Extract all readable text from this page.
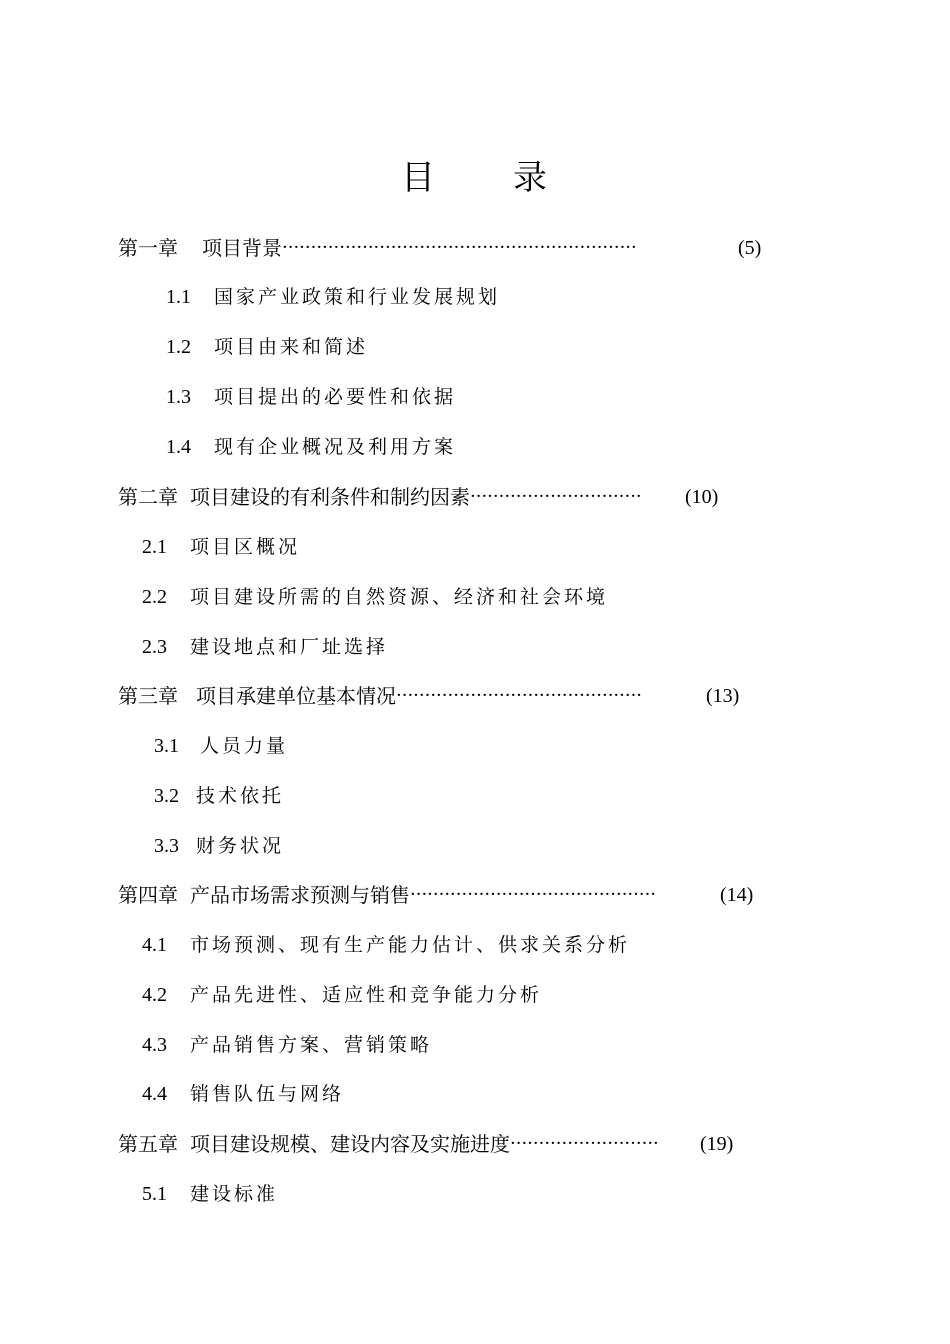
目 录
第一章 项目背景 ······························································	(5)
1.1 国家产业政策和行业发展规划
1.2 项目由来和简述
1.3 项目提出的必要性和依据
1.4 现有企业概况及利用方案
第二章 项目建设的有利条件和制约因素 ······························	(10)
2.1 项目区概况
2.2 项目建设所需的自然资源、经济和社会环境
2.3 建设地点和厂址选择
第三章 项目承建单位基本情况 ···········································	(13)
3.1 人员力量
3.2 技术依托
3.3 财务状况
第四章 产品市场需求预测与销售 ···········································	(14)
4.1 市场预测、现有生产能力估计、供求关系分析
4.2 产品先进性、适应性和竞争能力分析
4.3 产品销售方案、营销策略
4.4 销售队伍与网络
第五章 项目建设规模、建设内容及实施进度 ··························	(19)
5.1 建设标准
